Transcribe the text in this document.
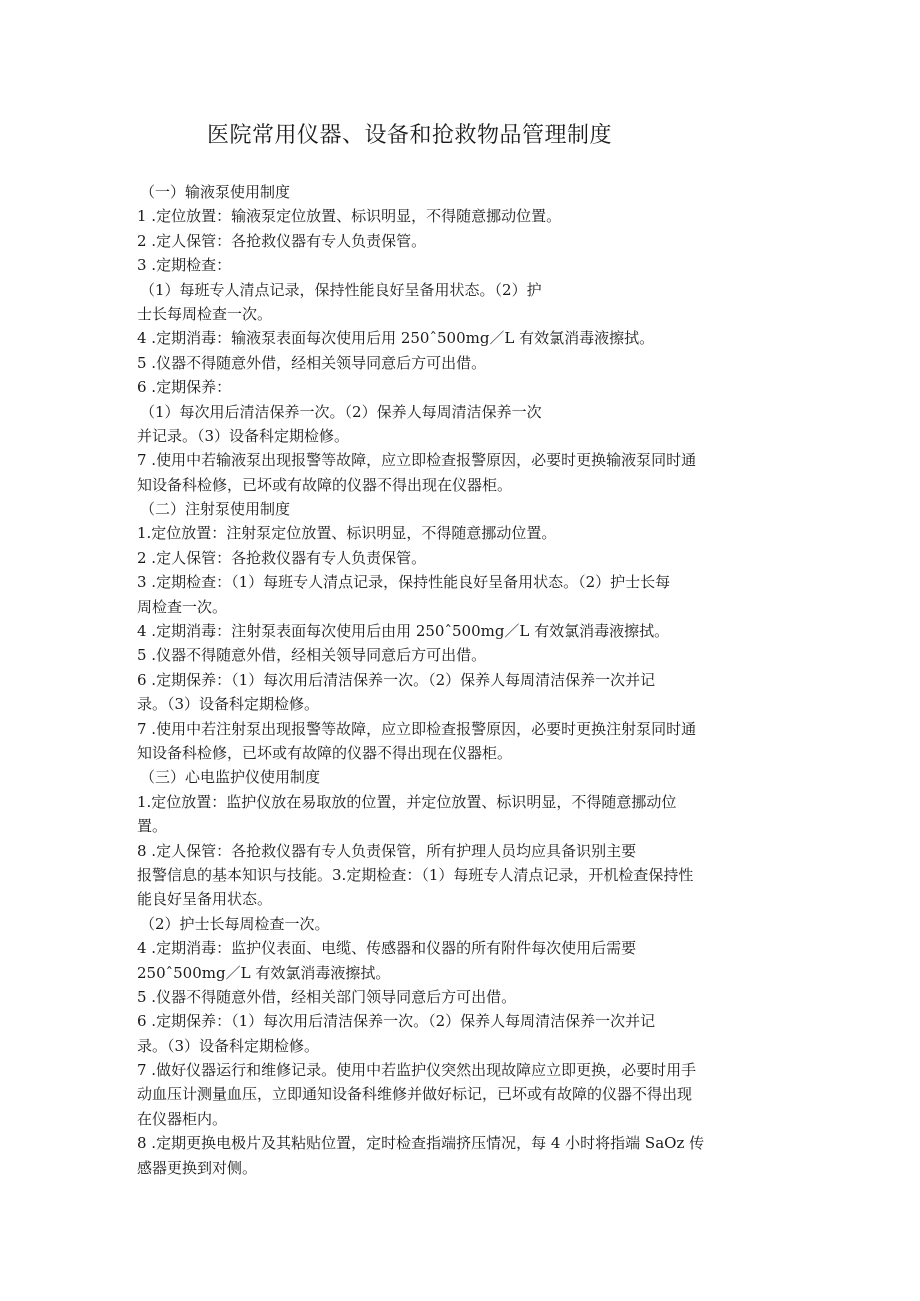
医院常用仪器、设备和抢救物品管理制度
（一）输液泵使用制度
1 .定位放置：输液泵定位放置、标识明显，不得随意挪动位置。
2 .定人保管：各抢救仪器有专人负责保管。
3 .定期检查：
（1）每班专人清点记录，保持性能良好呈备用状态。（2）护
士长每周检查一次。
4 .定期消毒：输液泵表面每次使用后用 250ˆ500mg／L 有效氯消毒液擦拭。
5 .仪器不得随意外借，经相关领导同意后方可出借。
6 .定期保养：
（1）每次用后清洁保养一次。（2）保养人每周清洁保养一次
并记录。（3）设备科定期检修。
7 .使用中若输液泵出现报警等故障，应立即检查报警原因，必要时更换输液泵同时通
知设备科检修，已坏或有故障的仪器不得出现在仪器柜。
（二）注射泵使用制度
1.定位放置：注射泵定位放置、标识明显，不得随意挪动位置。
2 .定人保管：各抢救仪器有专人负责保管。
3 .定期检查：（1）每班专人清点记录，保持性能良好呈备用状态。（2）护士长每
周检查一次。
4 .定期消毒：注射泵表面每次使用后由用 250ˆ500mg／L 有效氯消毒液擦拭。
5 .仪器不得随意外借，经相关领导同意后方可出借。
6 .定期保养：（1）每次用后清洁保养一次。（2）保养人每周清洁保养一次并记
录。（3）设备科定期检修。
7 .使用中若注射泵出现报警等故障，应立即检查报警原因，必要时更换注射泵同时通
知设备科检修，已坏或有故障的仪器不得出现在仪器柜。
（三）心电监护仪使用制度
1.定位放置：监护仪放在易取放的位置，并定位放置、标识明显，不得随意挪动位
置。
8 .定人保管：各抢救仪器有专人负责保管，所有护理人员均应具备识别主要
报警信息的基本知识与技能。3.定期检查：（1）每班专人清点记录，开机检查保持性
能良好呈备用状态。
（2）护士长每周检查一次。
4 .定期消毒：监护仪表面、电缆、传感器和仪器的所有附件每次使用后需要
250ˆ500mg／L 有效氯消毒液擦拭。
5 .仪器不得随意外借，经相关部门领导同意后方可出借。
6 .定期保养：（1）每次用后清洁保养一次。（2）保养人每周清洁保养一次并记
录。（3）设备科定期检修。
7 .做好仪器运行和维修记录。使用中若监护仪突然出现故障应立即更换，必要时用手
动血压计测量血压，立即通知设备科维修并做好标记，已坏或有故障的仪器不得出现
在仪器柜内。
8 .定期更换电极片及其粘贴位置，定时检查指端挤压情况，每 4 小时将指端 SaOz 传
感器更换到对侧。
